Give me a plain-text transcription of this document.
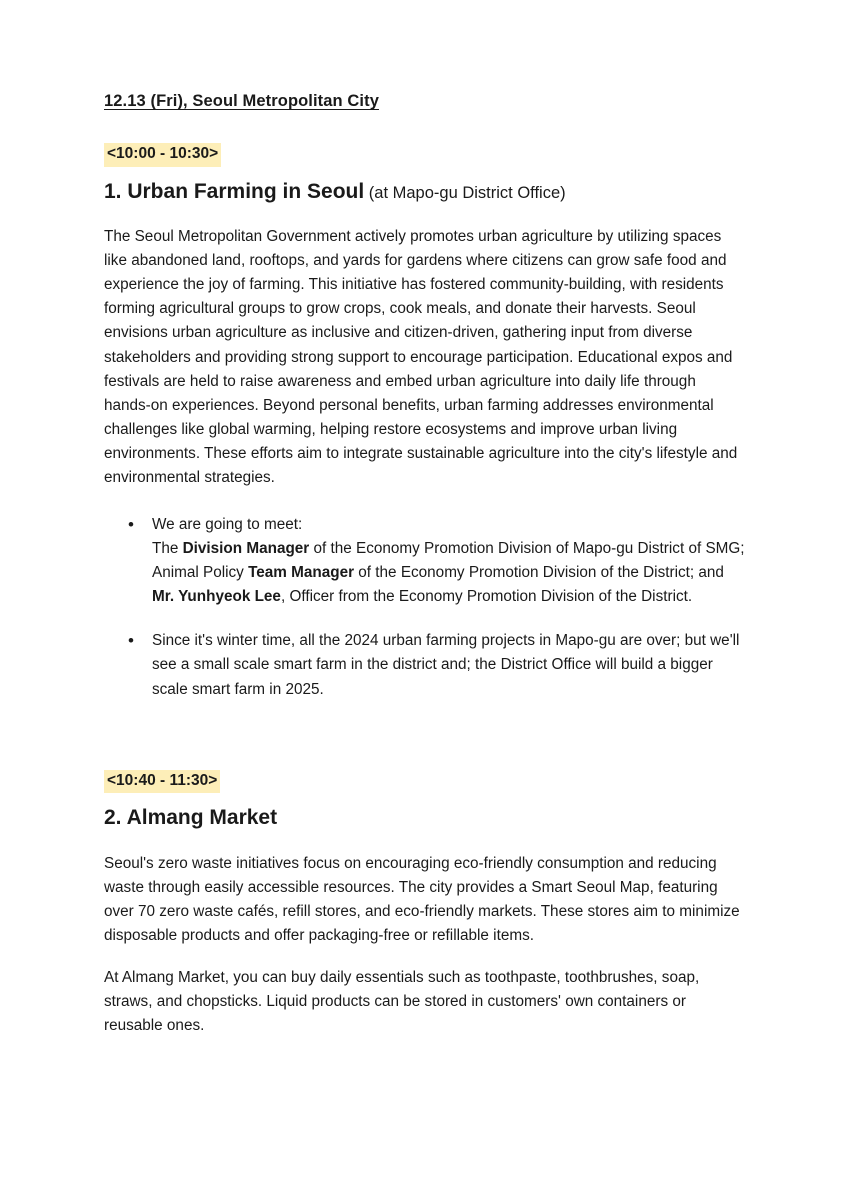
12.13 (Fri), Seoul Metropolitan City
<10:00 - 10:30>
1. Urban Farming in Seoul (at Mapo-gu District Office)

The Seoul Metropolitan Government actively promotes urban agriculture by utilizing spaces like abandoned land, rooftops, and yards for gardens where citizens can grow safe food and experience the joy of farming. This initiative has fostered community-building, with residents forming agricultural groups to grow crops, cook meals, and donate their harvests. Seoul envisions urban agriculture as inclusive and citizen-driven, gathering input from diverse stakeholders and providing strong support to encourage participation. Educational expos and festivals are held to raise awareness and embed urban agriculture into daily life through hands-on experiences. Beyond personal benefits, urban farming addresses environmental challenges like global warming, helping restore ecosystems and improve urban living environments. These efforts aim to integrate sustainable agriculture into the city's lifestyle and environmental strategies.

• We are going to meet:
The Division Manager of the Economy Promotion Division of Mapo-gu District of SMG;
Animal Policy Team Manager of the Economy Promotion Division of the District; and
Mr. Yunhyeok Lee, Officer from the Economy Promotion Division of the District.
• Since it's winter time, all the 2024 urban farming projects in Mapo-gu are over; but we'll see a small scale smart farm in the district and; the District Office will build a bigger scale smart farm in 2025.
<10:40 - 11:30>
2. Almang Market

Seoul's zero waste initiatives focus on encouraging eco-friendly consumption and reducing waste through easily accessible resources. The city provides a Smart Seoul Map, featuring over 70 zero waste cafés, refill stores, and eco-friendly markets. These stores aim to minimize disposable products and offer packaging-free or refillable items.

At Almang Market, you can buy daily essentials such as toothpaste, toothbrushes, soap, straws, and chopsticks. Liquid products can be stored in customers' own containers or reusable ones.
